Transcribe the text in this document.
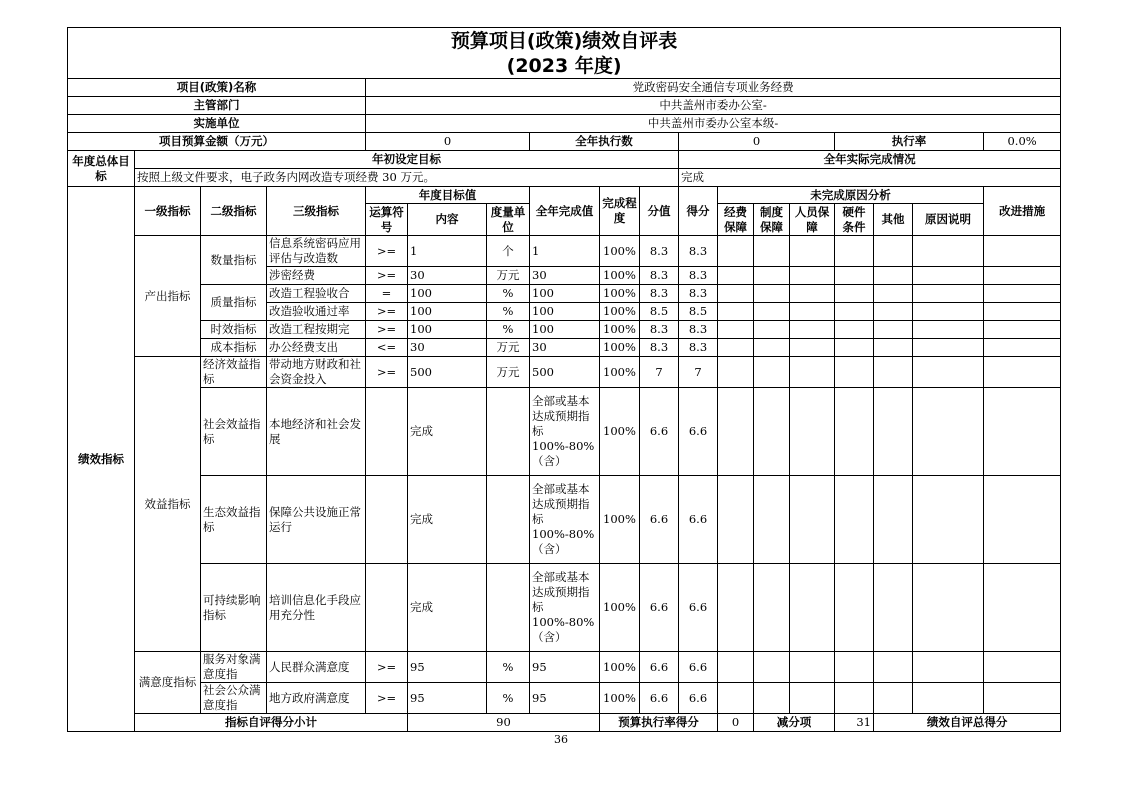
预算项目(政策)绩效自评表																		
(2023 年度)																		
项目(政策)名称				党政密码安全通信专项业务经费														
主管部门				中共盖州市委办公室-														
实施单位				中共盖州市委办公室本级-														
项目预算金额（万元）				0			全年执行数			0				执行率			0.0%	
年度总体目标	年初设定目标									全年实际完成情况								
	按照上级文件要求，电子政务内网改造专项经费 30 万元。									完成								
绩效指标	一级指标	二级指标	三级指标	年度目标值			全年完成值	完成程度	分值	得分	未完成原因分析						改进措施	
				运算符号	内容	度量单位					经费保障	制度保障	人员保障	硬件条件	其他	原因说明		
	产出指标	数量指标	信息系统密码应用评估与改造数	>=	1	个	1	100%	8.3	8.3								
			涉密经费	>=	30	万元	30	100%	8.3	8.3								
		质量指标	改造工程验收合	=	100	%	100	100%	8.3	8.3								
			改造验收通过率	>=	100	%	100	100%	8.5	8.5								
		时效指标	改造工程按期完	>=	100	%	100	100%	8.3	8.3								
		成本指标	办公经费支出	<=	30	万元	30	100%	8.3	8.3								
	效益指标	经济效益指标	带动地方财政和社会资金投入	>=	500	万元	500	100%	7	7								
		社会效益指标	本地经济和社会发展		完成		全部或基本达成预期指标100%-80%（含）	100%	6.6	6.6								
		生态效益指标	保障公共设施正常运行		完成		全部或基本达成预期指标100%-80%（含）	100%	6.6	6.6								
		可持续影响指标	培训信息化手段应用充分性		完成		全部或基本达成预期指标100%-80%（含）	100%	6.6	6.6								
	满意度指标	服务对象满意度指	人民群众满意度	>=	95	%	95	100%	6.6	6.6								
		社会公众满意度指	地方政府满意度	>=	95	%	95	100%	6.6	6.6								
	指标自评得分小计				90			预算执行率得分			0	减分项		31	绩效自评总得分	
36
